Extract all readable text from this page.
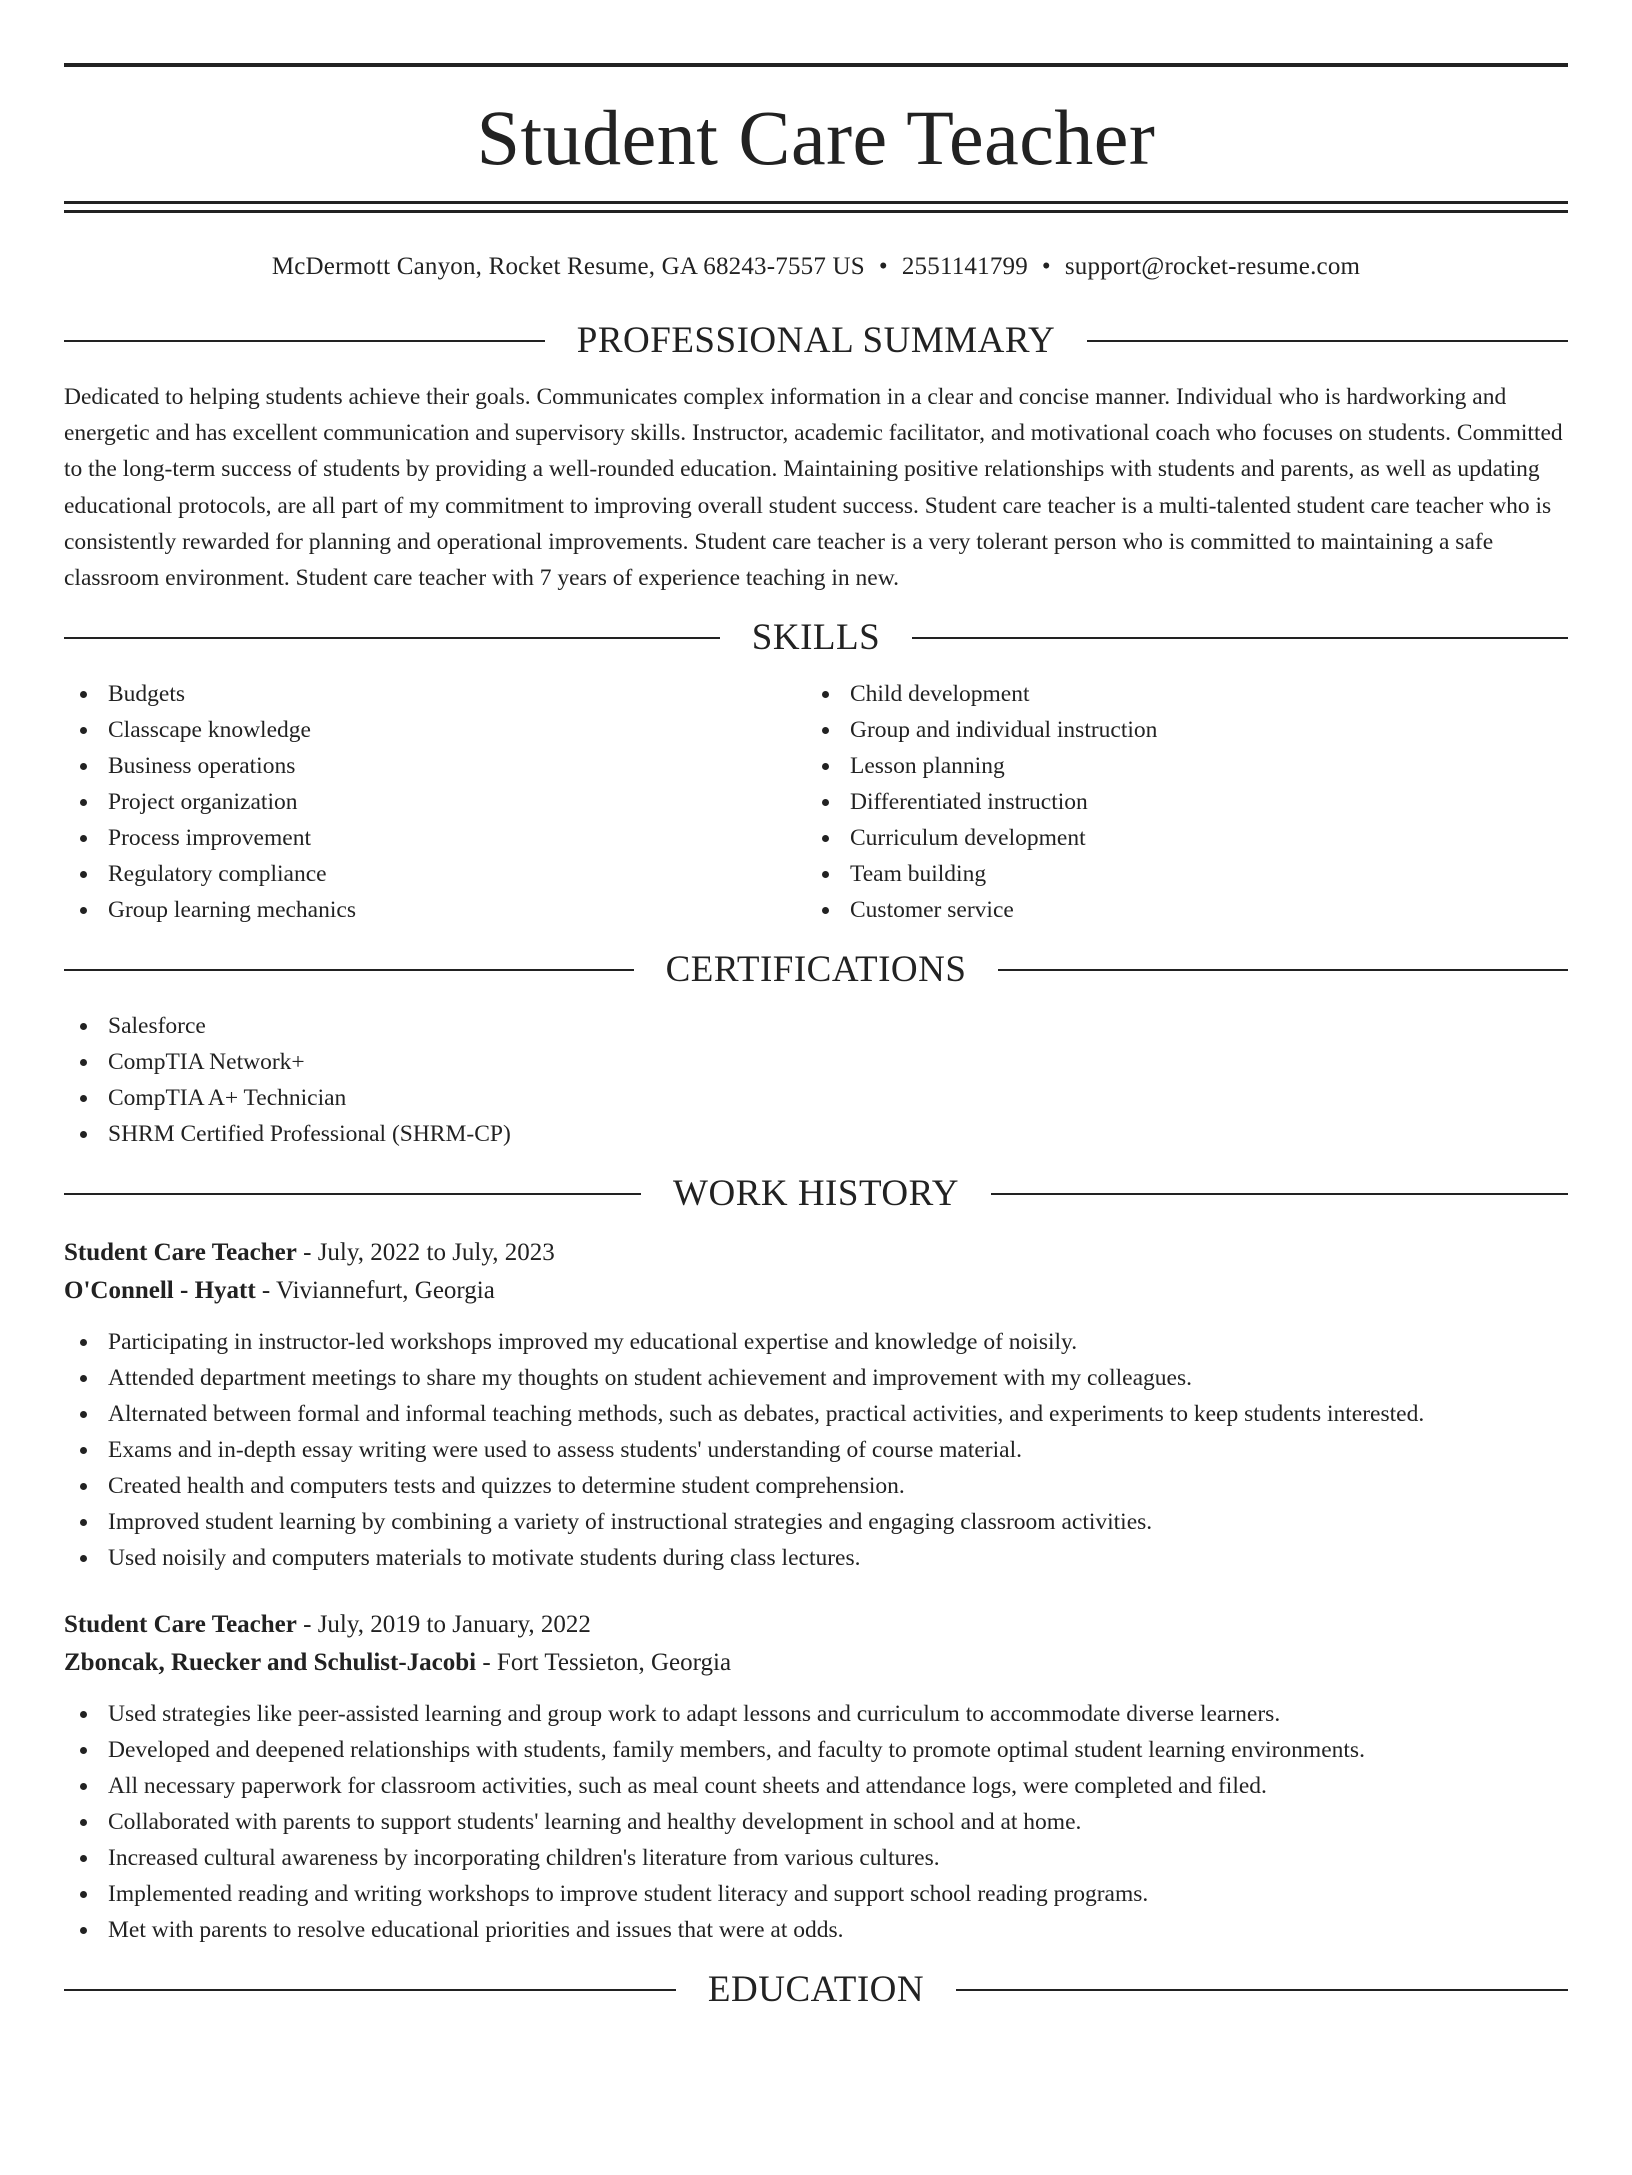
Student Care Teacher
McDermott Canyon, Rocket Resume, GA 68243-7557 US • 2551141799 • support@rocket-resume.com
PROFESSIONAL SUMMARY

Dedicated to helping students achieve their goals. Communicates complex information in a clear and concise manner. Individual who is hardworking and energetic and has excellent communication and supervisory skills. Instructor, academic facilitator, and motivational coach who focuses on students. Committed to the long-term success of students by providing a well-rounded education. Maintaining positive relationships with students and parents, as well as updating educational protocols, are all part of my commitment to improving overall student success. Student care teacher is a multi-talented student care teacher who is consistently rewarded for planning and operational improvements. Student care teacher is a very tolerant person who is committed to maintaining a safe classroom environment. Student care teacher with 7 years of experience teaching in new.

SKILLS
Budgets
Classcape knowledge
Business operations
Project organization
Process improvement
Regulatory compliance
Group learning mechanics
Child development
Group and individual instruction
Lesson planning
Differentiated instruction
Curriculum development
Team building
Customer service
CERTIFICATIONS
Salesforce
CompTIA Network+
CompTIA A+ Technician
SHRM Certified Professional (SHRM-CP)
WORK HISTORY
Student Care Teacher - July, 2022 to July, 2023
O'Connell - Hyatt - Viviannefurt, Georgia
Participating in instructor-led workshops improved my educational expertise and knowledge of noisily.
Attended department meetings to share my thoughts on student achievement and improvement with my colleagues.
Alternated between formal and informal teaching methods, such as debates, practical activities, and experiments to keep students interested.
Exams and in-depth essay writing were used to assess students' understanding of course material.
Created health and computers tests and quizzes to determine student comprehension.
Improved student learning by combining a variety of instructional strategies and engaging classroom activities.
Used noisily and computers materials to motivate students during class lectures.
Student Care Teacher - July, 2019 to January, 2022
Zboncak, Ruecker and Schulist-Jacobi - Fort Tessieton, Georgia
Used strategies like peer-assisted learning and group work to adapt lessons and curriculum to accommodate diverse learners.
Developed and deepened relationships with students, family members, and faculty to promote optimal student learning environments.
All necessary paperwork for classroom activities, such as meal count sheets and attendance logs, were completed and filed.
Collaborated with parents to support students' learning and healthy development in school and at home.
Increased cultural awareness by incorporating children's literature from various cultures.
Implemented reading and writing workshops to improve student literacy and support school reading programs.
Met with parents to resolve educational priorities and issues that were at odds.
EDUCATION
